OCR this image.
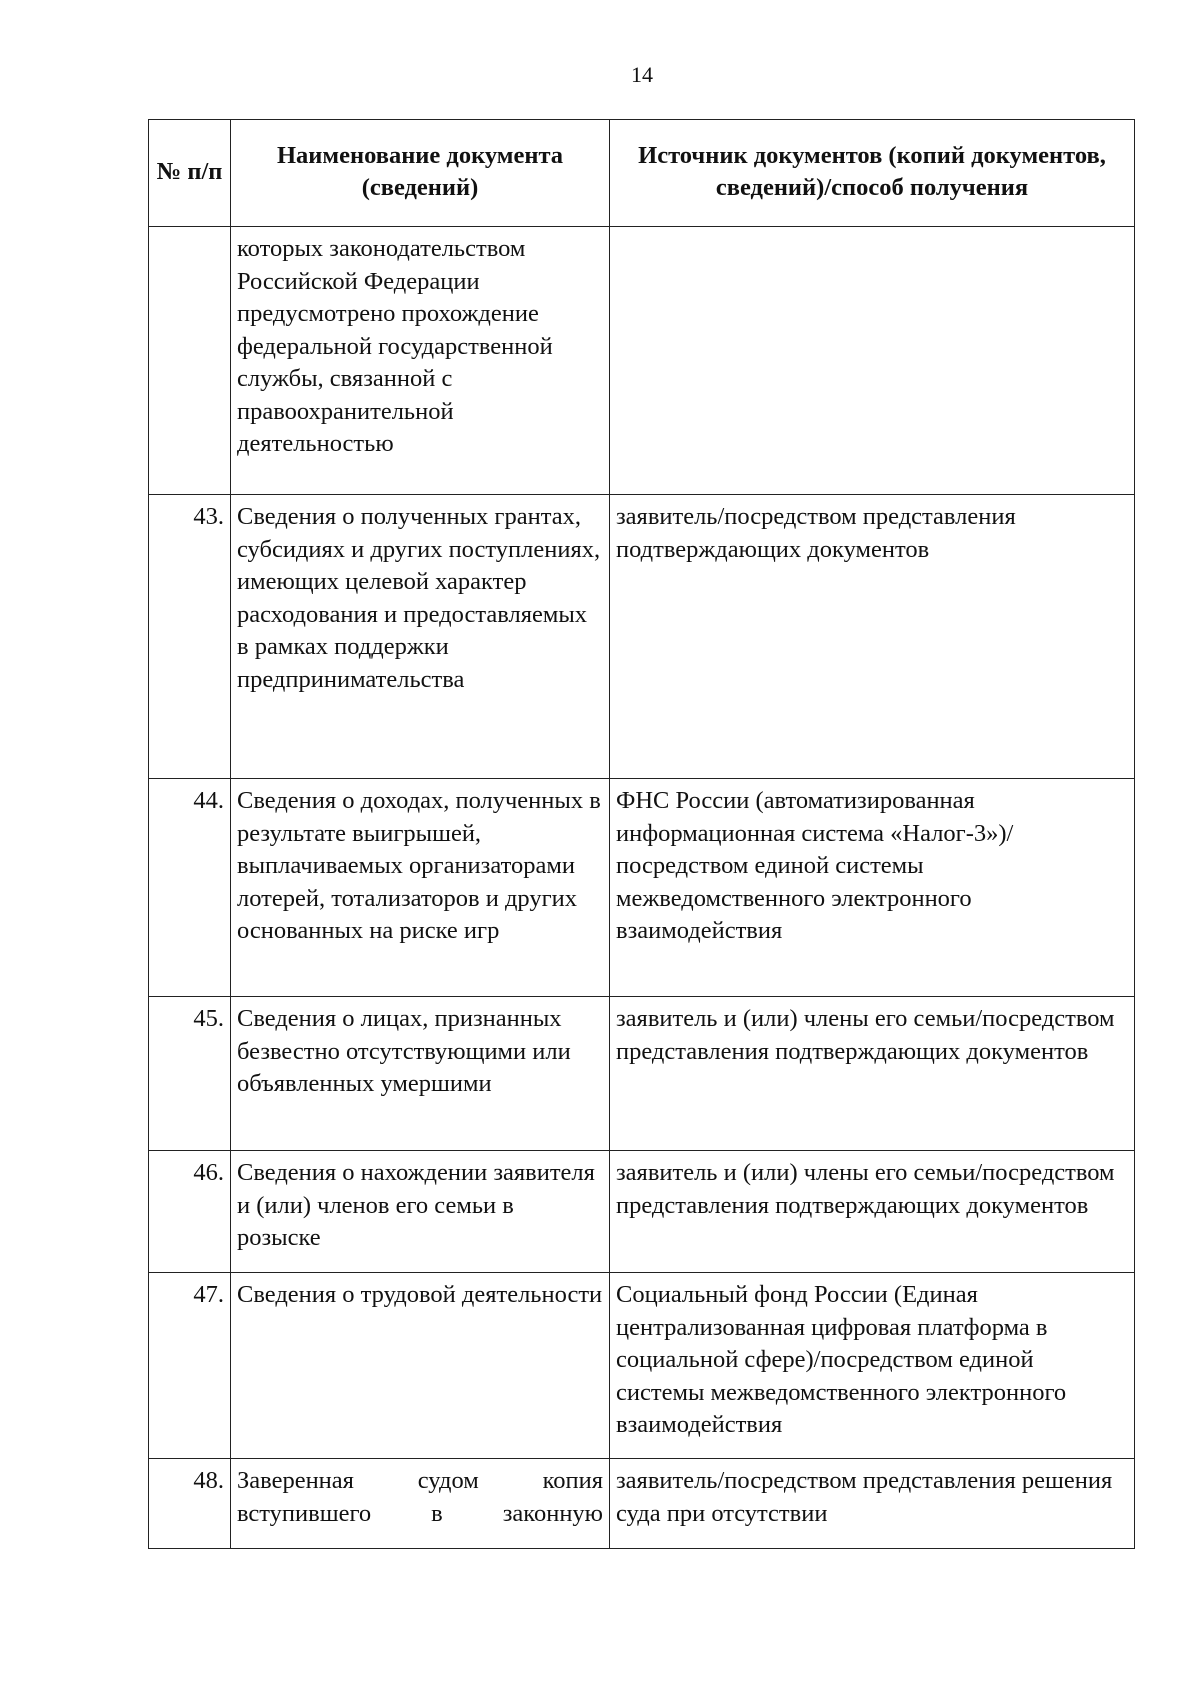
14
№ п/п	Наименование документа (сведений)	Источник документов (копий документов, сведений)/способ получения
	которых законодательством Российской Федерации предусмотрено прохождение федеральной государственной службы, связанной с правоохранительной деятельностью	
43.	Сведения о полученных грантах, субсидиях и других поступлениях, имеющих целевой характер расходования и предоставляемых в рамках поддержки предпринимательства	заявитель/посредством представления подтверждающих документов
44.	Сведения о доходах, полученных в результате выигрышей, выплачиваемых организаторами лотерей, тотализаторов и других основанных на риске игр	ФНС России (автоматизированная информационная система «Налог-3»)/посредством единой системы межведомственного электронного взаимодействия
45.	Сведения о лицах, признанных безвестно отсутствующими или объявленных умершими	заявитель и (или) члены его семьи/посредством представления подтверждающих документов
46.	Сведения о нахождении заявителя и (или) членов его семьи в розыске	заявитель и (или) члены его семьи/посредством представления подтверждающих документов
47.	Сведения о трудовой деятельности	Социальный фонд России (Единая централизованная цифровая платформа в социальной сфере)/посредством единой системы межведомственного электронного взаимодействия
48.	Заверенная судом копия вступившего в законную	заявитель/посредством представления решения суда при отсутствии
